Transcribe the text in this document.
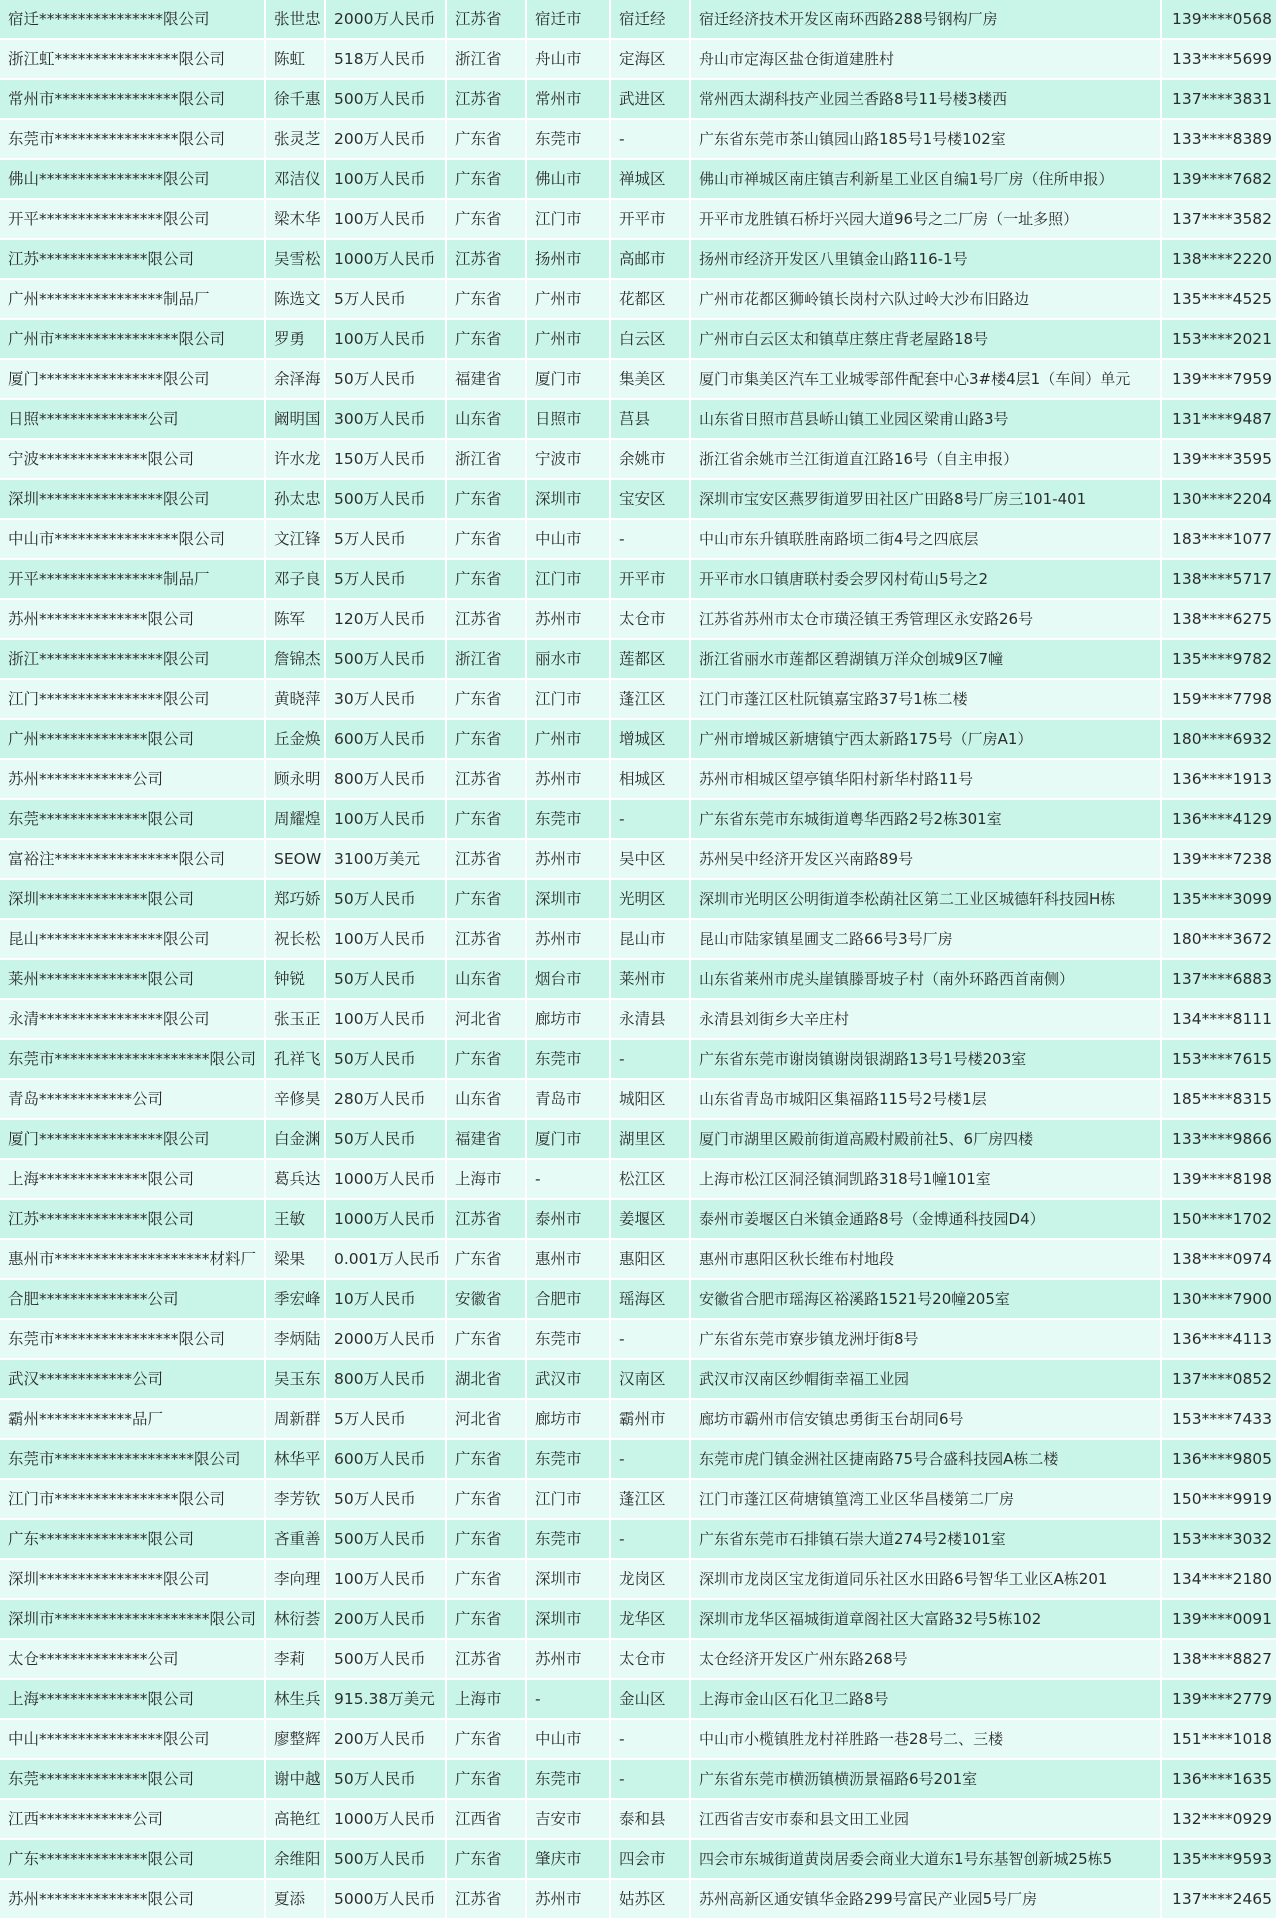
宿迁****************限公司	张世忠	2000万人民币	江苏省	宿迁市	宿迁经	宿迁经济技术开发区南环西路288号钢构厂房	139****0568
浙江虹****************限公司	陈虹	518万人民币	浙江省	舟山市	定海区	舟山市定海区盐仓街道建胜村	133****5699
常州市****************限公司	徐千惠	500万人民币	江苏省	常州市	武进区	常州西太湖科技产业园兰香路8号11号楼3楼西	137****3831
东莞市****************限公司	张灵芝	200万人民币	广东省	东莞市	-	广东省东莞市茶山镇园山路185号1号楼102室	133****8389
佛山****************限公司	邓洁仪	100万人民币	广东省	佛山市	禅城区	佛山市禅城区南庄镇吉利新星工业区自编1号厂房（住所申报）	139****7682
开平****************限公司	梁木华	100万人民币	广东省	江门市	开平市	开平市龙胜镇石桥圩兴园大道96号之二厂房（一址多照）	137****3582
江苏**************限公司	吴雪松	1000万人民币	江苏省	扬州市	高邮市	扬州市经济开发区八里镇金山路116-1号	138****2220
广州****************制品厂	陈选文	5万人民币	广东省	广州市	花都区	广州市花都区狮岭镇长岗村六队过岭大沙布旧路边	135****4525
广州市****************限公司	罗勇	100万人民币	广东省	广州市	白云区	广州市白云区太和镇草庄蔡庄背老屋路18号	153****2021
厦门****************限公司	余泽海	50万人民币	福建省	厦门市	集美区	厦门市集美区汽车工业城零部件配套中心3#楼4层1（车间）单元	139****7959
日照**************公司	阚明国	300万人民币	山东省	日照市	莒县	山东省日照市莒县峤山镇工业园区梁甫山路3号	131****9487
宁波**************限公司	许水龙	150万人民币	浙江省	宁波市	余姚市	浙江省余姚市兰江街道直江路16号（自主申报）	139****3595
深圳****************限公司	孙太忠	500万人民币	广东省	深圳市	宝安区	深圳市宝安区燕罗街道罗田社区广田路8号厂房三101-401	130****2204
中山市****************限公司	文江锋	5万人民币	广东省	中山市	-	中山市东升镇联胜南路顷二街4号之四底层	183****1077
开平****************制品厂	邓子良	5万人民币	广东省	江门市	开平市	开平市水口镇唐联村委会罗冈村荀山5号之2	138****5717
苏州**************限公司	陈军	120万人民币	江苏省	苏州市	太仓市	江苏省苏州市太仓市璜泾镇王秀管理区永安路26号	138****6275
浙江****************限公司	詹锦杰	500万人民币	浙江省	丽水市	莲都区	浙江省丽水市莲都区碧湖镇万洋众创城9区7幢	135****9782
江门****************限公司	黄晓萍	30万人民币	广东省	江门市	蓬江区	江门市蓬江区杜阮镇嘉宝路37号1栋二楼	159****7798
广州**************限公司	丘金焕	600万人民币	广东省	广州市	增城区	广州市增城区新塘镇宁西太新路175号（厂房A1）	180****6932
苏州************公司	顾永明	800万人民币	江苏省	苏州市	相城区	苏州市相城区望亭镇华阳村新华村路11号	136****1913
东莞**************限公司	周耀煌	100万人民币	广东省	东莞市	-	广东省东莞市东城街道粤华西路2号2栋301室	136****4129
富裕注****************限公司	SEOW	3100万美元	江苏省	苏州市	吴中区	苏州吴中经济开发区兴南路89号	139****7238
深圳**************限公司	郑巧娇	50万人民币	广东省	深圳市	光明区	深圳市光明区公明街道李松蓢社区第二工业区城德轩科技园H栋	135****3099
昆山****************限公司	祝长松	100万人民币	江苏省	苏州市	昆山市	昆山市陆家镇星圃支二路66号3号厂房	180****3672
莱州**************限公司	钟锐	50万人民币	山东省	烟台市	莱州市	山东省莱州市虎头崖镇滕哥坡子村（南外环路西首南侧）	137****6883
永清****************限公司	张玉正	100万人民币	河北省	廊坊市	永清县	永清县刘街乡大辛庄村	134****8111
东莞市********************限公司	孔祥飞	50万人民币	广东省	东莞市	-	广东省东莞市谢岗镇谢岗银湖路13号1号楼203室	153****7615
青岛************公司	辛修昊	280万人民币	山东省	青岛市	城阳区	山东省青岛市城阳区集福路115号2号楼1层	185****8315
厦门****************限公司	白金渊	50万人民币	福建省	厦门市	湖里区	厦门市湖里区殿前街道高殿村殿前社5、6厂房四楼	133****9866
上海**************限公司	葛兵达	1000万人民币	上海市	-	松江区	上海市松江区洞泾镇洞凯路318号1幢101室	139****8198
江苏**************限公司	王敏	1000万人民币	江苏省	泰州市	姜堰区	泰州市姜堰区白米镇金通路8号（金博通科技园D4）	150****1702
惠州市********************材料厂	梁果	0.001万人民币	广东省	惠州市	惠阳区	惠州市惠阳区秋长维布村地段	138****0974
合肥**************公司	季宏峰	10万人民币	安徽省	合肥市	瑶海区	安徽省合肥市瑶海区裕溪路1521号20幢205室	130****7900
东莞市****************限公司	李炳陆	2000万人民币	广东省	东莞市	-	广东省东莞市寮步镇龙洲圩街8号	136****4113
武汉************公司	吴玉东	800万人民币	湖北省	武汉市	汉南区	武汉市汉南区纱帽街幸福工业园	137****0852
霸州************品厂	周新群	5万人民币	河北省	廊坊市	霸州市	廊坊市霸州市信安镇忠勇街玉台胡同6号	153****7433
东莞市******************限公司	林华平	600万人民币	广东省	东莞市	-	东莞市虎门镇金洲社区捷南路75号合盛科技园A栋二楼	136****9805
江门市****************限公司	李芳钦	50万人民币	广东省	江门市	蓬江区	江门市蓬江区荷塘镇篁湾工业区华昌楼第二厂房	150****9919
广东**************限公司	吝重善	500万人民币	广东省	东莞市	-	广东省东莞市石排镇石崇大道274号2楼101室	153****3032
深圳****************限公司	李向理	100万人民币	广东省	深圳市	龙岗区	深圳市龙岗区宝龙街道同乐社区水田路6号智华工业区A栋201	134****2180
深圳市********************限公司	林衍荟	200万人民币	广东省	深圳市	龙华区	深圳市龙华区福城街道章阁社区大富路32号5栋102	139****0091
太仓**************公司	李莉	500万人民币	江苏省	苏州市	太仓市	太仓经济开发区广州东路268号	138****8827
上海**************限公司	林生兵	915.38万美元	上海市	-	金山区	上海市金山区石化卫二路8号	139****2779
中山****************限公司	廖整辉	200万人民币	广东省	中山市	-	中山市小榄镇胜龙村祥胜路一巷28号二、三楼	151****1018
东莞**************限公司	谢中越	50万人民币	广东省	东莞市	-	广东省东莞市横沥镇横沥景福路6号201室	136****1635
江西************公司	高艳红	1000万人民币	江西省	吉安市	泰和县	江西省吉安市泰和县文田工业园	132****0929
广东**************限公司	余维阳	500万人民币	广东省	肇庆市	四会市	四会市东城街道黄岗居委会商业大道东1号东基智创新城25栋5	135****9593
苏州**************限公司	夏添	5000万人民币	江苏省	苏州市	姑苏区	苏州高新区通安镇华金路299号富民产业园5号厂房	137****2465
